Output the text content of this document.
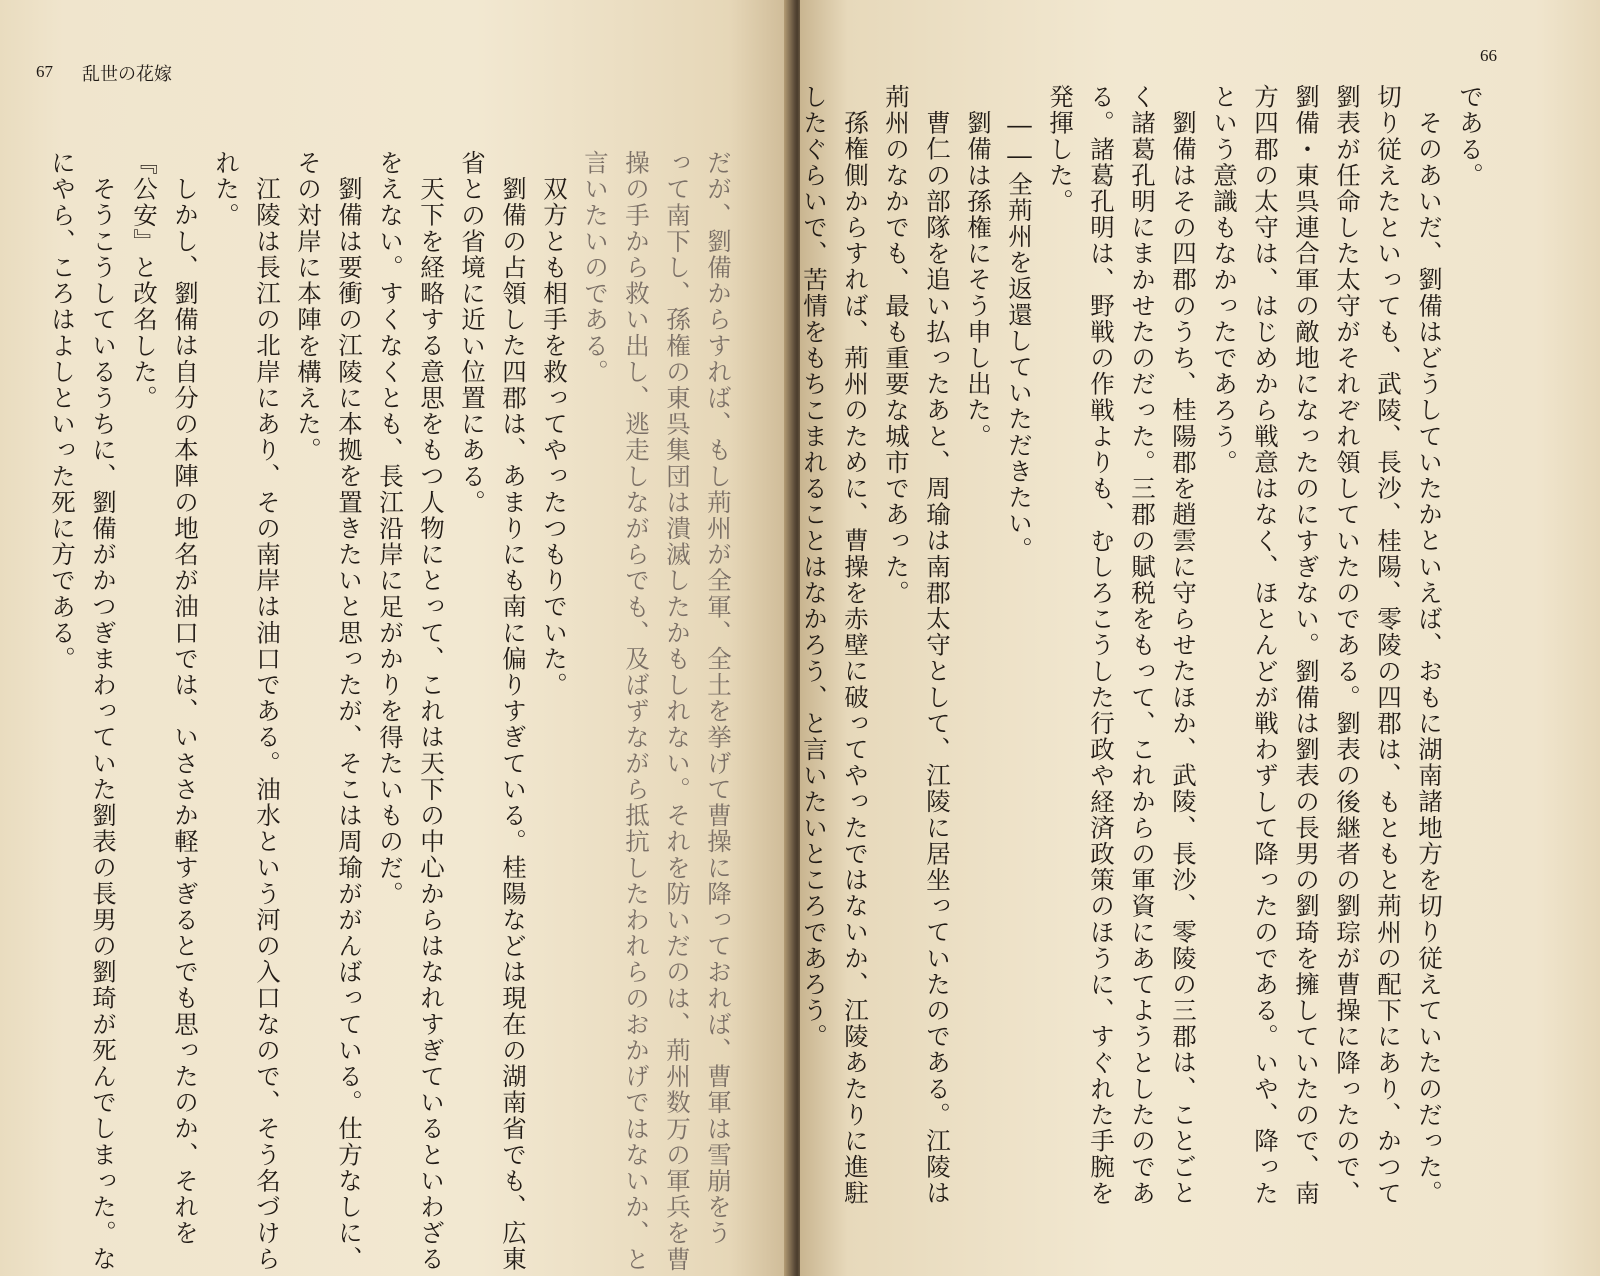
67 乱世の花嫁
だが、劉備からすれば、もし荊州が全軍、全土を挙げて曹操に降っておれば、曹軍は雪崩をう
って南下し、孫権の東呉集団は潰滅したかもしれない。それを防いだのは、荊州数万の軍兵を曹
操の手から救い出し、逃走しながらでも、及ばずながら抵抗したわれらのおかげではないか、と
言いたいのである。
双方とも相手を救ってやったつもりでいた。
劉備の占領した四郡は、あまりにも南に偏りすぎている。桂陽などは現在の湖南省でも、広東
省との省境に近い位置にある。
天下を経略する意思をもつ人物にとって、これは天下の中心からはなれすぎているといわざる
をえない。すくなくとも、長江沿岸に足がかりを得たいものだ。
劉備は要衝の江陵に本拠を置きたいと思ったが、そこは周瑜ががんばっている。仕方なしに、
その対岸に本陣を構えた。
江陵は長江の北岸にあり、その南岸は油口である。油水という河の入口なので、そう名づけら
れた。
しかし、劉備は自分の本陣の地名が油口では、いささか軽すぎるとでも思ったのか、それを
『公安』と改名した。
そうこうしているうちに、劉備がかつぎまわっていた劉表の長男の劉琦が死んでしまった。な
にやら、ころはよしといった死に方である。
である。
そのあいだ、劉備はどうしていたかといえば、おもに湖南諸地方を切り従えていたのだった。
切り従えたといっても、武陵、長沙、桂陽、零陵の四郡は、もともと荊州の配下にあり、かつて
劉表が任命した太守がそれぞれ領していたのである。劉表の後継者の劉琮が曹操に降ったので、
劉備・東呉連合軍の敵地になったのにすぎない。劉備は劉表の長男の劉琦を擁していたので、南
方四郡の太守は、はじめから戦意はなく、ほとんどが戦わずして降ったのである。いや、降った
という意識もなかったであろう。
劉備はその四郡のうち、桂陽郡を趙雲に守らせたほか、武陵、長沙、零陵の三郡は、ことごと
く諸葛孔明にまかせたのだった。三郡の賦税をもって、これからの軍資にあてようとしたのであ
る。諸葛孔明は、野戦の作戦よりも、むしろこうした行政や経済政策のほうに、すぐれた手腕を
発揮した。
――全荊州を返還していただきたい。
劉備は孫権にそう申し出た。
曹仁の部隊を追い払ったあと、周瑜は南郡太守として、江陵に居坐っていたのである。江陵は
荊州のなかでも、最も重要な城市であった。
孫権側からすれば、荊州のために、曹操を赤壁に破ってやったではないか、江陵あたりに進駐
したぐらいで、苦情をもちこまれることはなかろう、と言いたいところであろう。
66
